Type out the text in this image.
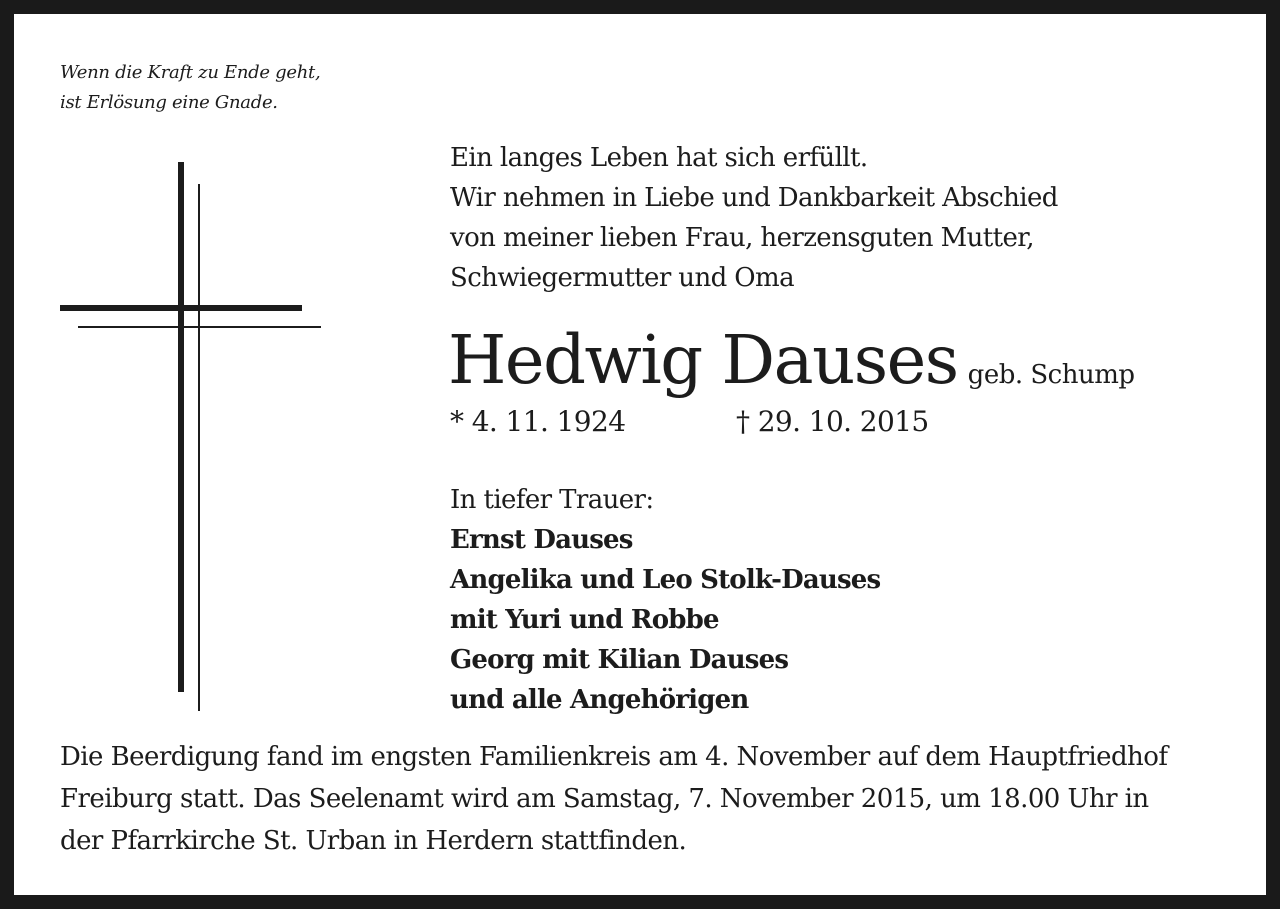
Wenn die Kraft zu Ende geht,
ist Erlösung eine Gnade.
Ein langes Leben hat sich erfüllt.
Wir nehmen in Liebe und Dankbarkeit Abschied
von meiner lieben Frau, herzensguten Mutter,
Schwiegermutter und Oma
Hedwig Dauses geb. Schump
* 4. 11. 1924	† 29. 10. 2015
In tiefer Trauer:
Ernst Dauses
Angelika und Leo Stolk-Dauses
mit Yuri und Robbe
Georg mit Kilian Dauses
und alle Angehörigen
Die Beerdigung fand im engsten Familienkreis am 4. November auf dem Hauptfriedhof
Freiburg statt. Das Seelenamt wird am Samstag, 7. November 2015, um 18.00 Uhr in
der Pfarrkirche St. Urban in Herdern stattfinden.
